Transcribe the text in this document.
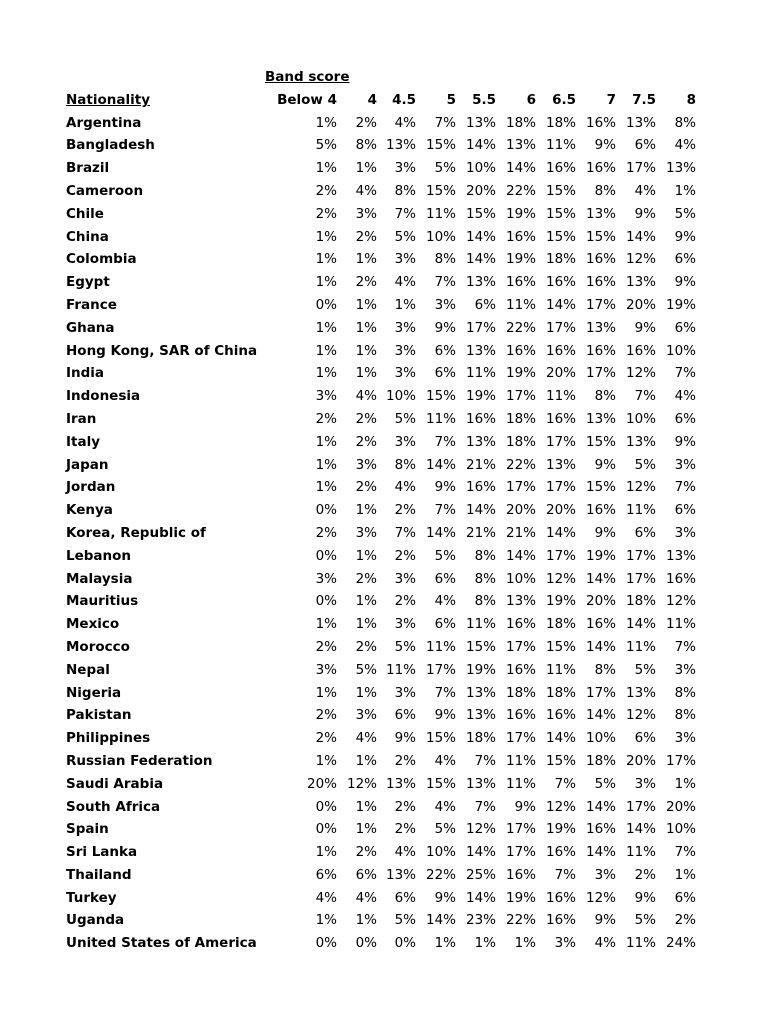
Band score
Nationality	Below 4 4 4.5 5 5.5 6 6.5 7 7.5 8
Argentina	1% 2% 4% 7% 13% 18% 18% 16% 13% 8%
Bangladesh	5% 8% 13% 15% 14% 13% 11% 9% 6% 4%
Brazil	1% 1% 3% 5% 10% 14% 16% 16% 17% 13%
Cameroon	2% 4% 8% 15% 20% 22% 15% 8% 4% 1%
Chile	2% 3% 7% 11% 15% 19% 15% 13% 9% 5%
China	1% 2% 5% 10% 14% 16% 15% 15% 14% 9%
Colombia	1% 1% 3% 8% 14% 19% 18% 16% 12% 6%
Egypt	1% 2% 4% 7% 13% 16% 16% 16% 13% 9%
France	0% 1% 1% 3% 6% 11% 14% 17% 20% 19%
Ghana	1% 1% 3% 9% 17% 22% 17% 13% 9% 6%
Hong Kong, SAR of China	1% 1% 3% 6% 13% 16% 16% 16% 16% 10%
India	1% 1% 3% 6% 11% 19% 20% 17% 12% 7%
Indonesia	3% 4% 10% 15% 19% 17% 11% 8% 7% 4%
Iran	2% 2% 5% 11% 16% 18% 16% 13% 10% 6%
Italy	1% 2% 3% 7% 13% 18% 17% 15% 13% 9%
Japan	1% 3% 8% 14% 21% 22% 13% 9% 5% 3%
Jordan	1% 2% 4% 9% 16% 17% 17% 15% 12% 7%
Kenya	0% 1% 2% 7% 14% 20% 20% 16% 11% 6%
Korea, Republic of	2% 3% 7% 14% 21% 21% 14% 9% 6% 3%
Lebanon	0% 1% 2% 5% 8% 14% 17% 19% 17% 13%
Malaysia	3% 2% 3% 6% 8% 10% 12% 14% 17% 16%
Mauritius	0% 1% 2% 4% 8% 13% 19% 20% 18% 12%
Mexico	1% 1% 3% 6% 11% 16% 18% 16% 14% 11%
Morocco	2% 2% 5% 11% 15% 17% 15% 14% 11% 7%
Nepal	3% 5% 11% 17% 19% 16% 11% 8% 5% 3%
Nigeria	1% 1% 3% 7% 13% 18% 18% 17% 13% 8%
Pakistan	2% 3% 6% 9% 13% 16% 16% 14% 12% 8%
Philippines	2% 4% 9% 15% 18% 17% 14% 10% 6% 3%
Russian Federation	1% 1% 2% 4% 7% 11% 15% 18% 20% 17%
Saudi Arabia	20% 12% 13% 15% 13% 11% 7% 5% 3% 1%
South Africa	0% 1% 2% 4% 7% 9% 12% 14% 17% 20%
Spain	0% 1% 2% 5% 12% 17% 19% 16% 14% 10%
Sri Lanka	1% 2% 4% 10% 14% 17% 16% 14% 11% 7%
Thailand	6% 6% 13% 22% 25% 16% 7% 3% 2% 1%
Turkey	4% 4% 6% 9% 14% 19% 16% 12% 9% 6%
Uganda	1% 1% 5% 14% 23% 22% 16% 9% 5% 2%
United States of America	0% 0% 0% 1% 1% 1% 3% 4% 11% 24%
